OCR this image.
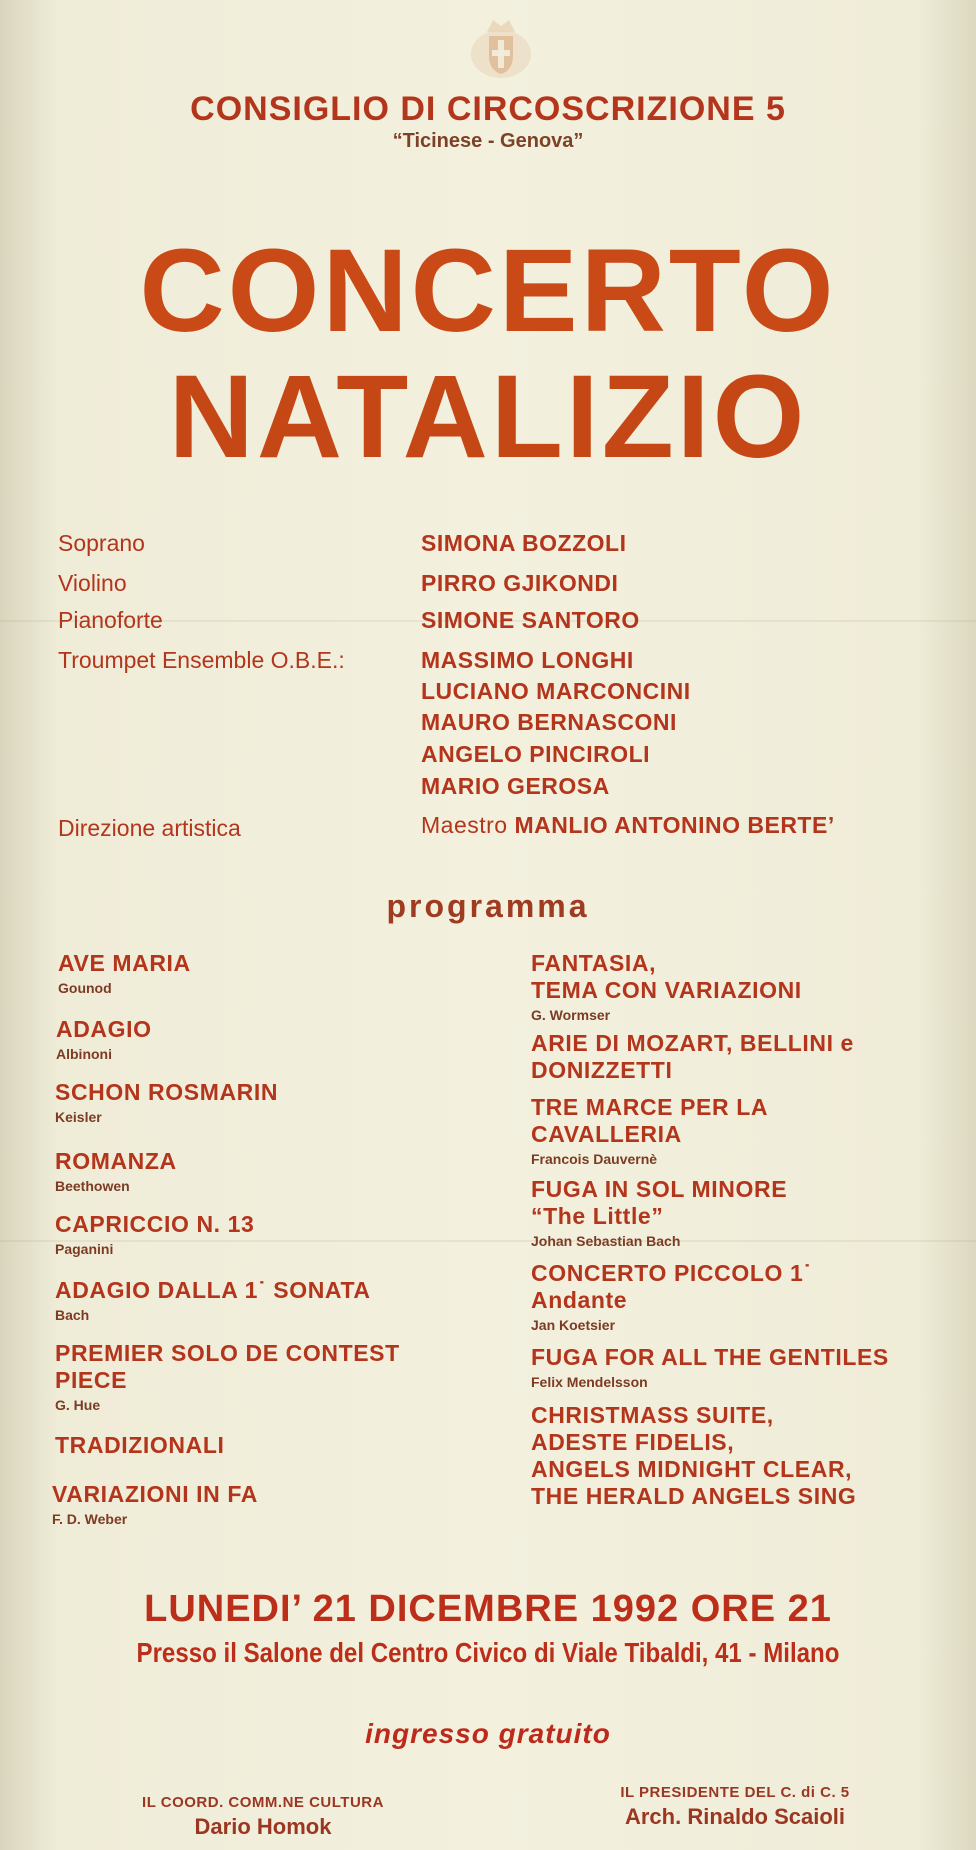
CONSIGLIO DI CIRCOSCRIZIONE 5
“Ticinese - Genova”
CONCERTO
NATALIZIO
Soprano	SIMONA BOZZOLI
Violino	PIRRO GJIKONDI
Pianoforte	SIMONE SANTORO
Troumpet Ensemble O.B.E.:	MASSIMO LONGHI
LUCIANO MARCONCINI
MAURO BERNASCONI
ANGELO PINCIROLI
MARIO GEROSA
Direzione artistica	Maestro MANLIO ANTONINO BERTE’
programma
AVE MARIA
Gounod
ADAGIO
Albinoni
SCHON ROSMARIN
Keisler
ROMANZA
Beethowen
CAPRICCIO N. 13
Paganini
ADAGIO DALLA 1˙ SONATA
Bach
PREMIER SOLO DE CONTEST
PIECE
G. Hue
TRADIZIONALI
VARIAZIONI IN FA
F. D. Weber
FANTASIA,
TEMA CON VARIAZIONI
G. Wormser
ARIE DI MOZART, BELLINI e
DONIZZETTI
TRE MARCE PER LA
CAVALLERIA
Francois Dauvernè
FUGA IN SOL MINORE
“The Little”
Johan Sebastian Bach
CONCERTO PICCOLO 1˙
Andante
Jan Koetsier
FUGA FOR ALL THE GENTILES
Felix Mendelsson
CHRISTMASS SUITE,
ADESTE FIDELIS,
ANGELS MIDNIGHT CLEAR,
THE HERALD ANGELS SING
LUNEDI’ 21 DICEMBRE 1992 ORE 21
Presso il Salone del Centro Civico di Viale Tibaldi, 41 - Milano
ingresso gratuito
IL COORD. COMM.NE CULTURA
Dario Homok
IL PRESIDENTE DEL C. di C. 5
Arch. Rinaldo Scaioli
